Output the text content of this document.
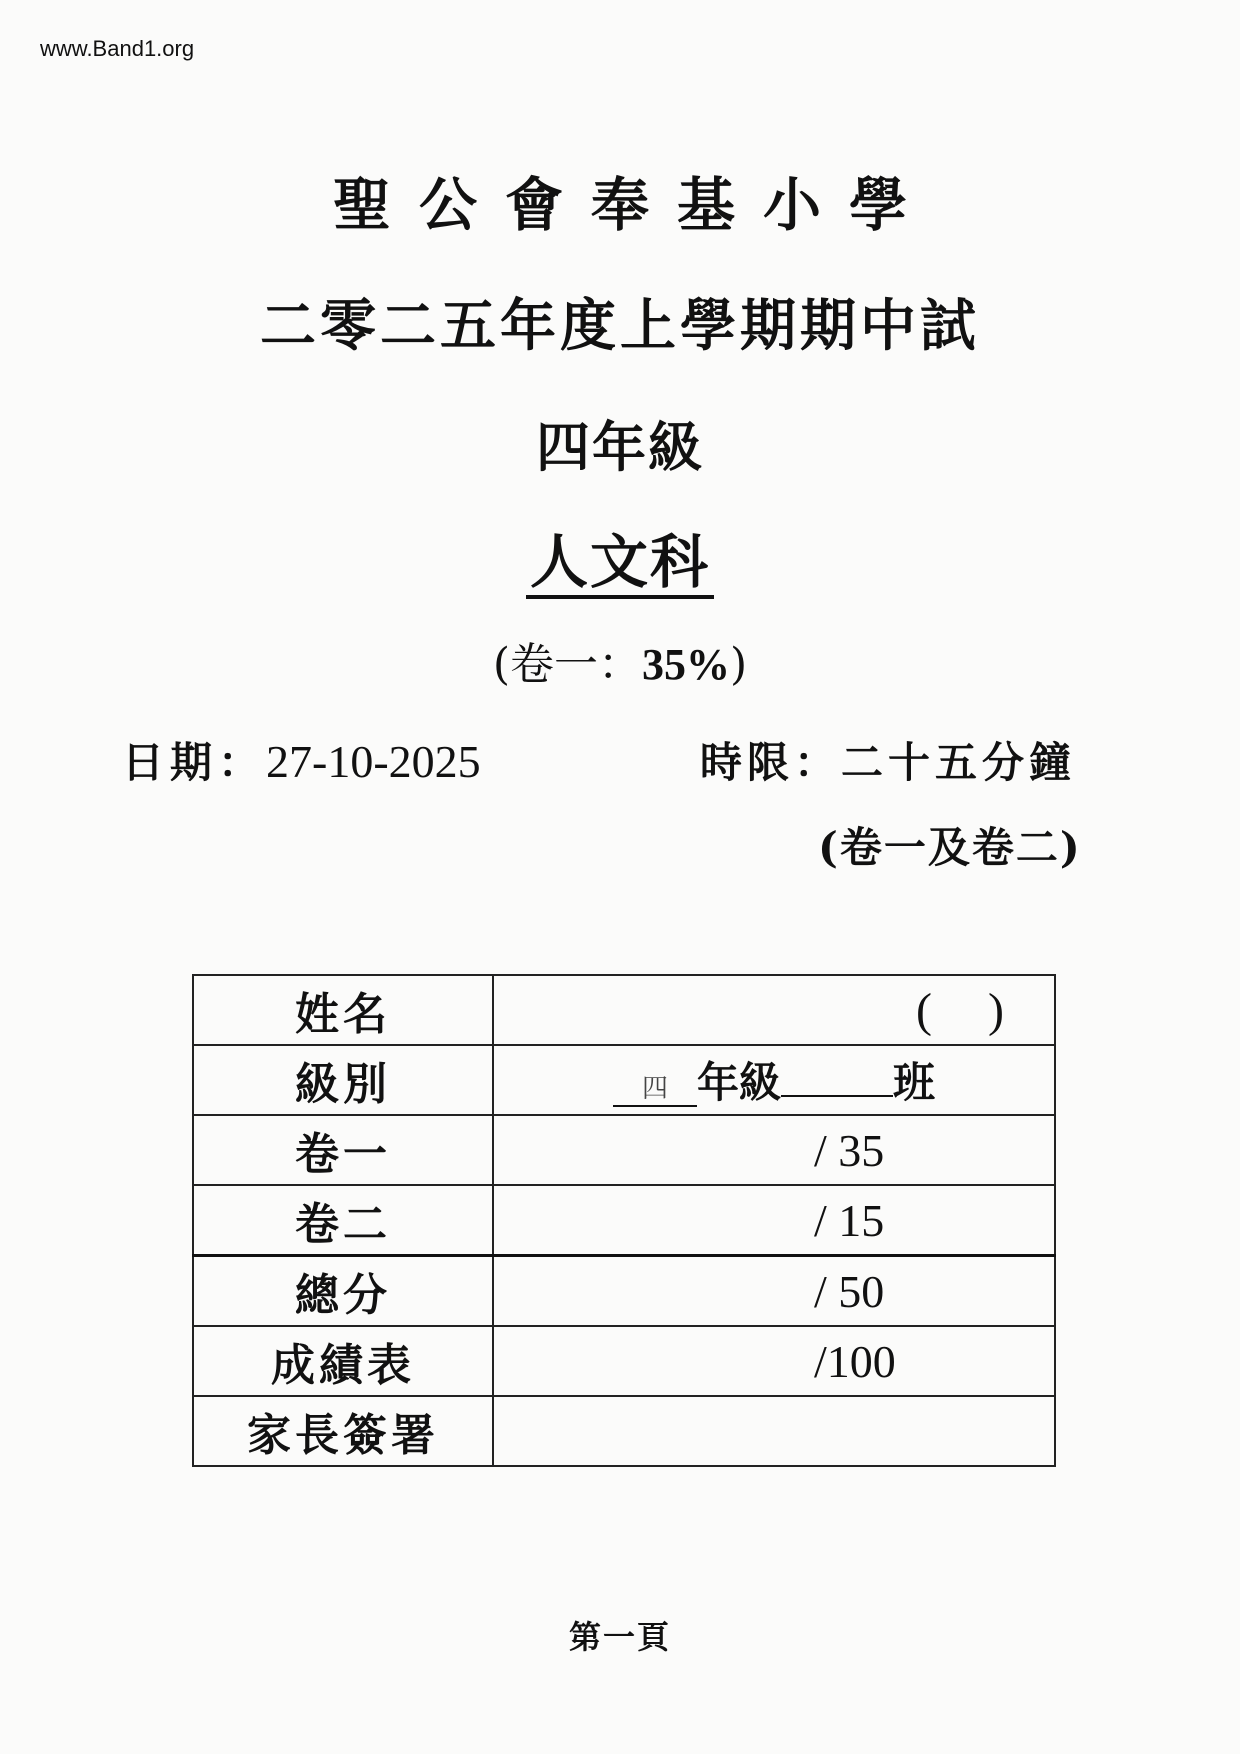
www.Band1.org
聖公會奉基小學
二零二五年度上學期期中試
四年級
人文科
(卷一：35%)
日期：27-10-2025	時限：二十五分鐘
(卷一及卷二)
姓名	( )

級別	四 年級 班

卷一	/ 35
卷二	/ 15
總分	/ 50
成績表	/100
家長簽署	
第一頁
